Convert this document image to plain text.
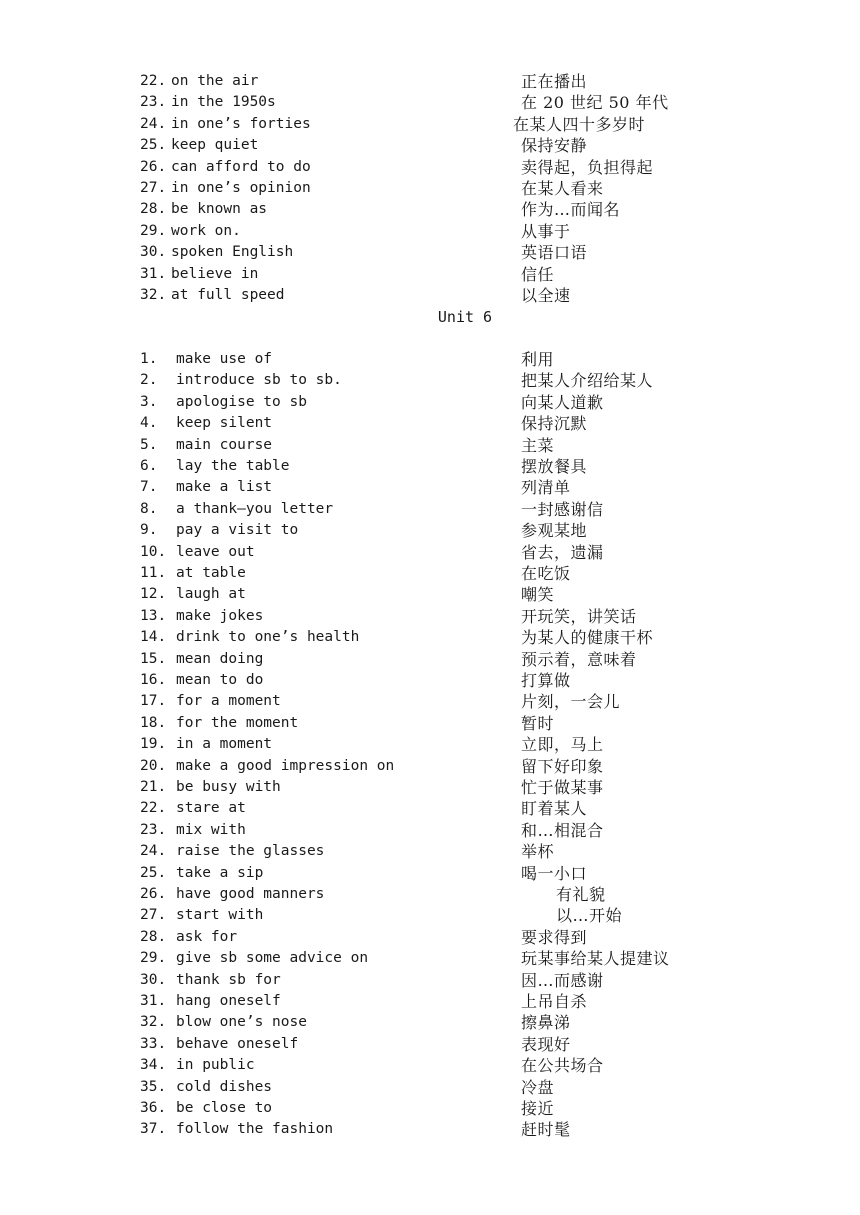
22. on the air	正在播出
23. in the 1950s	在 20 世纪 50 年代
24. in one’s forties	在某人四十多岁时
25. keep quiet	保持安静
26. can afford to do	卖得起，负担得起
27. in one’s opinion	在某人看来
28. be known as	作为…而闻名
29. work on.	从事于
30. spoken English	英语口语
31. believe in	信任
32. at full speed	以全速
Unit 6
1. make use of	利用
2. introduce sb to sb.	把某人介绍给某人
3. apologise to sb	向某人道歉
4. keep silent	保持沉默
5. main course	主菜
6. lay the table	摆放餐具
7. make a list	列清单
8. a thank—you letter	一封感谢信
9. pay a visit to	参观某地
10. leave out	省去，遗漏
11. at table	在吃饭
12. laugh at	嘲笑
13. make jokes	开玩笑，讲笑话
14. drink to one’s health	为某人的健康干杯
15. mean doing	预示着，意味着
16. mean to do	打算做
17. for a moment	片刻，一会儿
18. for the moment	暂时
19. in a moment	立即，马上
20. make a good impression on	留下好印象
21. be busy with	忙于做某事
22. stare at	盯着某人
23. mix with	和…相混合
24. raise the glasses	举杯
25. take a sip	喝一小口
26. have good manners	有礼貌
27. start with	以…开始
28. ask for	要求得到
29. give sb some advice on	玩某事给某人提建议
30. thank sb for	因…而感谢
31. hang oneself	上吊自杀
32. blow one’s nose	擦鼻涕
33. behave oneself	表现好
34. in public	在公共场合
35. cold dishes	冷盘
36. be close to	接近
37. follow the fashion	赶时髦
